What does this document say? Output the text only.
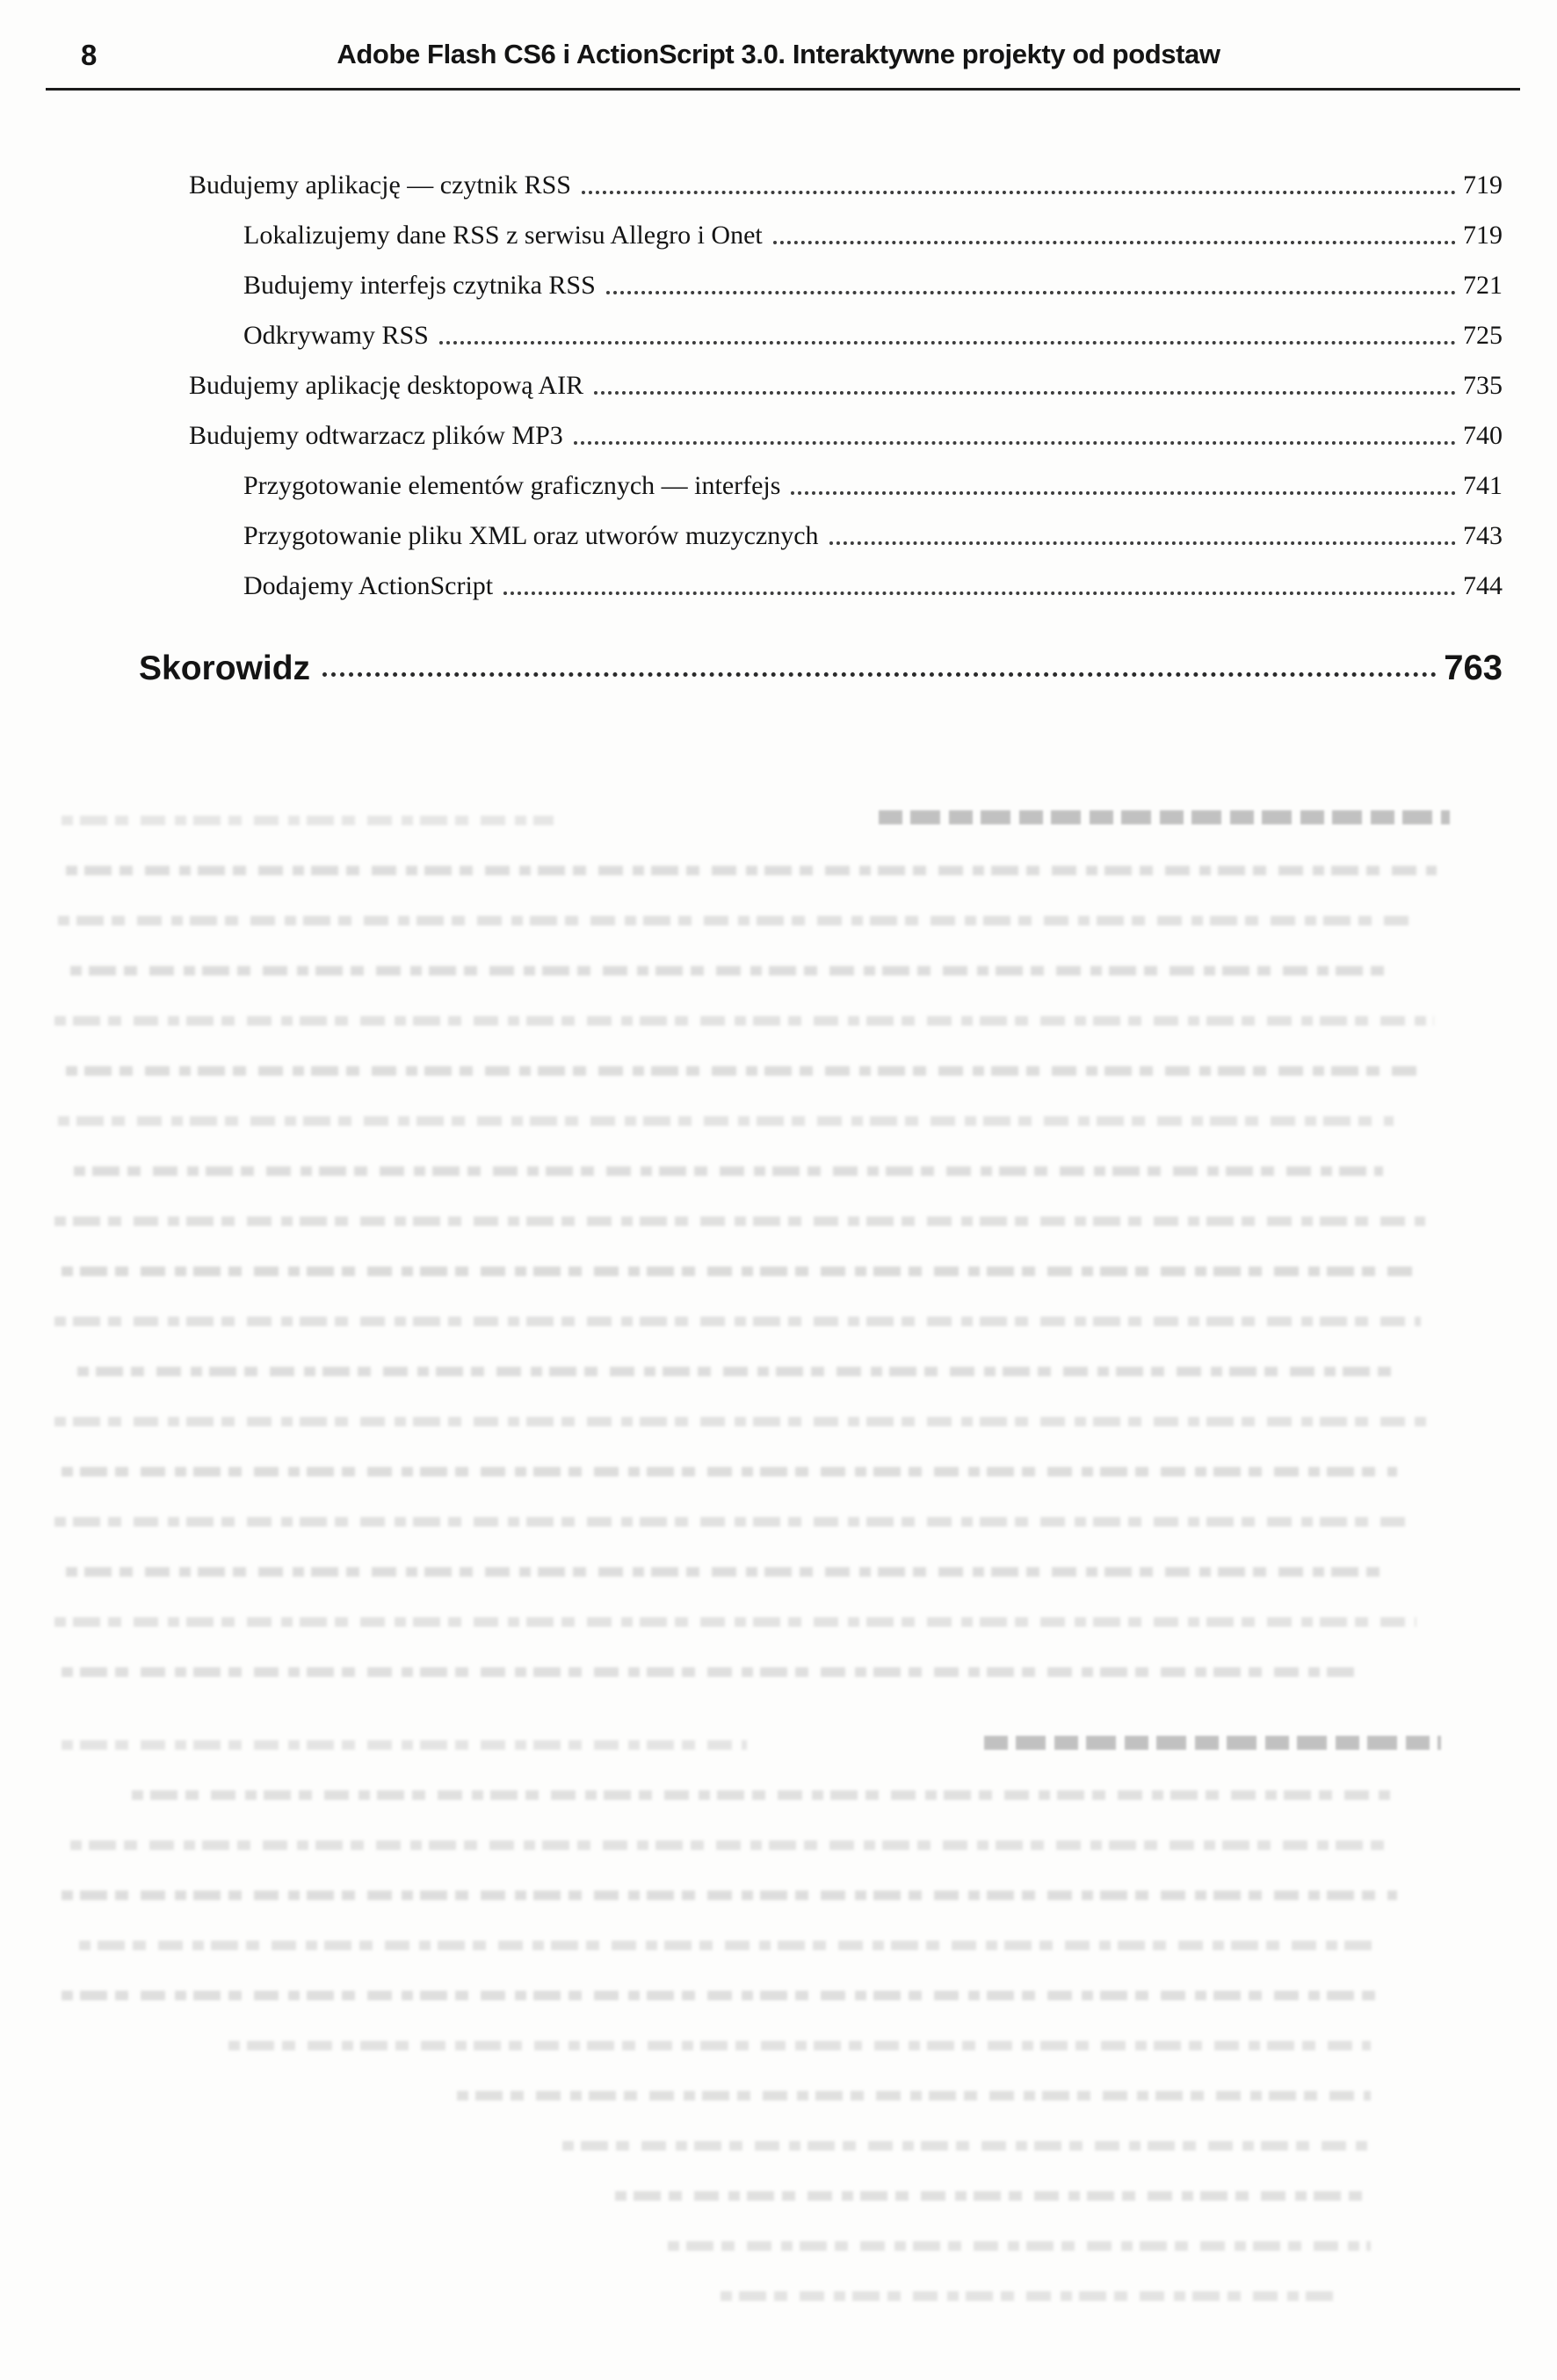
8	Adobe Flash CS6 i ActionScript 3.0. Interaktywne projekty od podstaw
Budujemy aplikację — czytnik RSS	719
Lokalizujemy dane RSS z serwisu Allegro i Onet	719
Budujemy interfejs czytnika RSS	721
Odkrywamy RSS	725
Budujemy aplikację desktopową AIR	735
Budujemy odtwarzacz plików MP3	740
Przygotowanie elementów graficznych — interfejs	741
Przygotowanie pliku XML oraz utworów muzycznych	743
Dodajemy ActionScript	744
Skorowidz	763
